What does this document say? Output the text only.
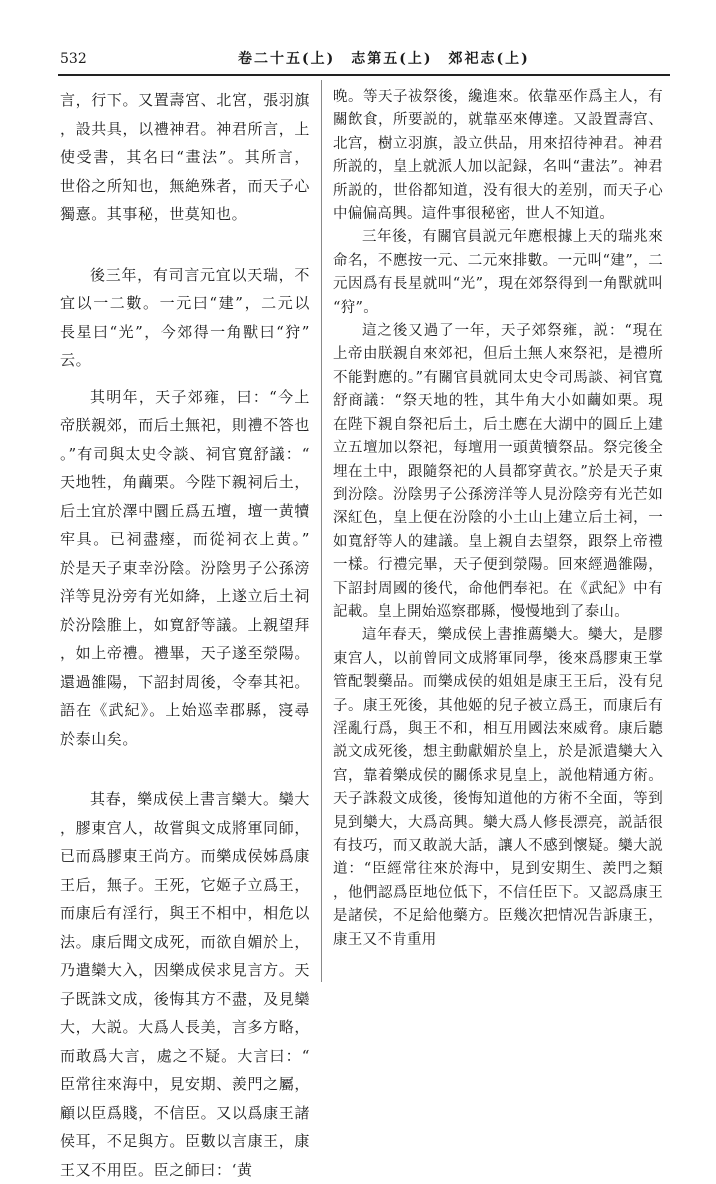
532	卷二十五(上)　志第五(上)　郊祀志(上)

言，行下。又置壽宮、北宮，張羽旗，設共具，以禮神君。神君所言，上使受書，其名曰“畫法”。其所言，世俗之所知也，無絶殊者，而天子心獨憙。其事秘，世莫知也。

後三年，有司言元宜以天瑞，不宜以一二數。一元曰“建”，二元以長星曰“光”，今郊得一角獸曰“狩”云。

其明年，天子郊雍，曰：“今上帝朕親郊，而后土無祀，則禮不答也。”有司與太史令談、祠官寬舒議：“天地牲，角繭栗。今陛下親祠后土，后土宜於澤中圜丘爲五壇，壇一黄犢牢具。已祠盡瘞，而從祠衣上黄。”於是天子東幸汾陰。汾陰男子公孫滂洋等見汾旁有光如絳，上遂立后土祠於汾陰脽上，如寬舒等議。上親望拜，如上帝禮。禮畢，天子遂至滎陽。還過雒陽，下詔封周後，令奉其祀。語在《武紀》。上始巡幸郡縣，寖尋於泰山矣。

其春，樂成侯上書言欒大。欒大，膠東宫人，故嘗與文成將軍同師，已而爲膠東王尚方。而樂成侯姊爲康王后，無子。王死，它姬子立爲王，而康后有淫行，與王不相中，相危以法。康后聞文成死，而欲自媚於上，乃遣欒大入，因樂成侯求見言方。天子既誅文成，後悔其方不盡，及見欒大，大説。大爲人長美，言多方略，而敢爲大言，處之不疑。大言曰：“臣常往來海中，見安期、羨門之屬，顧以臣爲賤，不信臣。又以爲康王諸侯耳，不足與方。臣數以言康王，康王又不用臣。臣之師曰：‘黄

晚。等天子祓祭後，纔進來。依靠巫作爲主人，有關飲食，所要説的，就靠巫來傳達。又設置壽宫、北宫，樹立羽旗，設立供品，用來招待神君。神君所説的，皇上就派人加以記録，名叫“畫法”。神君所説的，世俗都知道，没有很大的差别，而天子心中偏偏高興。這件事很秘密，世人不知道。

三年後，有關官員説元年應根據上天的瑞兆來命名，不應按一元、二元來排數。一元叫“建”，二元因爲有長星就叫“光”，現在郊祭得到一角獸就叫“狩”。

這之後又過了一年，天子郊祭雍，説：“現在上帝由朕親自來郊祀，但后土無人來祭祀，是禮所不能對應的。”有關官員就同太史令司馬談、祠官寬舒商議：“祭天地的牲，其牛角大小如繭如栗。現在陛下親自祭祀后土，后土應在大湖中的圓丘上建立五壇加以祭祀，每壇用一頭黄犢祭品。祭完後全埋在土中，跟隨祭祀的人員都穿黄衣。”於是天子東到汾陰。汾陰男子公孫滂洋等人見汾陰旁有光芒如深紅色，皇上便在汾陰的小土山上建立后土祠，一如寬舒等人的建議。皇上親自去望祭，跟祭上帝禮一樣。行禮完畢，天子便到滎陽。回來經過雒陽，下詔封周國的後代，命他們奉祀。在《武紀》中有記載。皇上開始巡察郡縣，慢慢地到了泰山。

這年春天，樂成侯上書推薦欒大。欒大，是膠東宫人，以前曾同文成將軍同學，後來爲膠東王掌管配製藥品。而樂成侯的姐姐是康王王后，没有兒子。康王死後，其他姬的兒子被立爲王，而康后有淫亂行爲，與王不和，相互用國法來威脅。康后聽説文成死後，想主動獻媚於皇上，於是派遣欒大入宫，靠着樂成侯的關係求見皇上，説他精通方術。天子誅殺文成後，後悔知道他的方術不全面，等到見到欒大，大爲高興。欒大爲人修長漂亮，説話很有技巧，而又敢説大話，讓人不感到懷疑。欒大説道：“臣經常往來於海中，見到安期生、羨門之類，他們認爲臣地位低下，不信任臣下。又認爲康王是諸侯，不足給他藥方。臣幾次把情况告訴康王，康王又不肯重用
